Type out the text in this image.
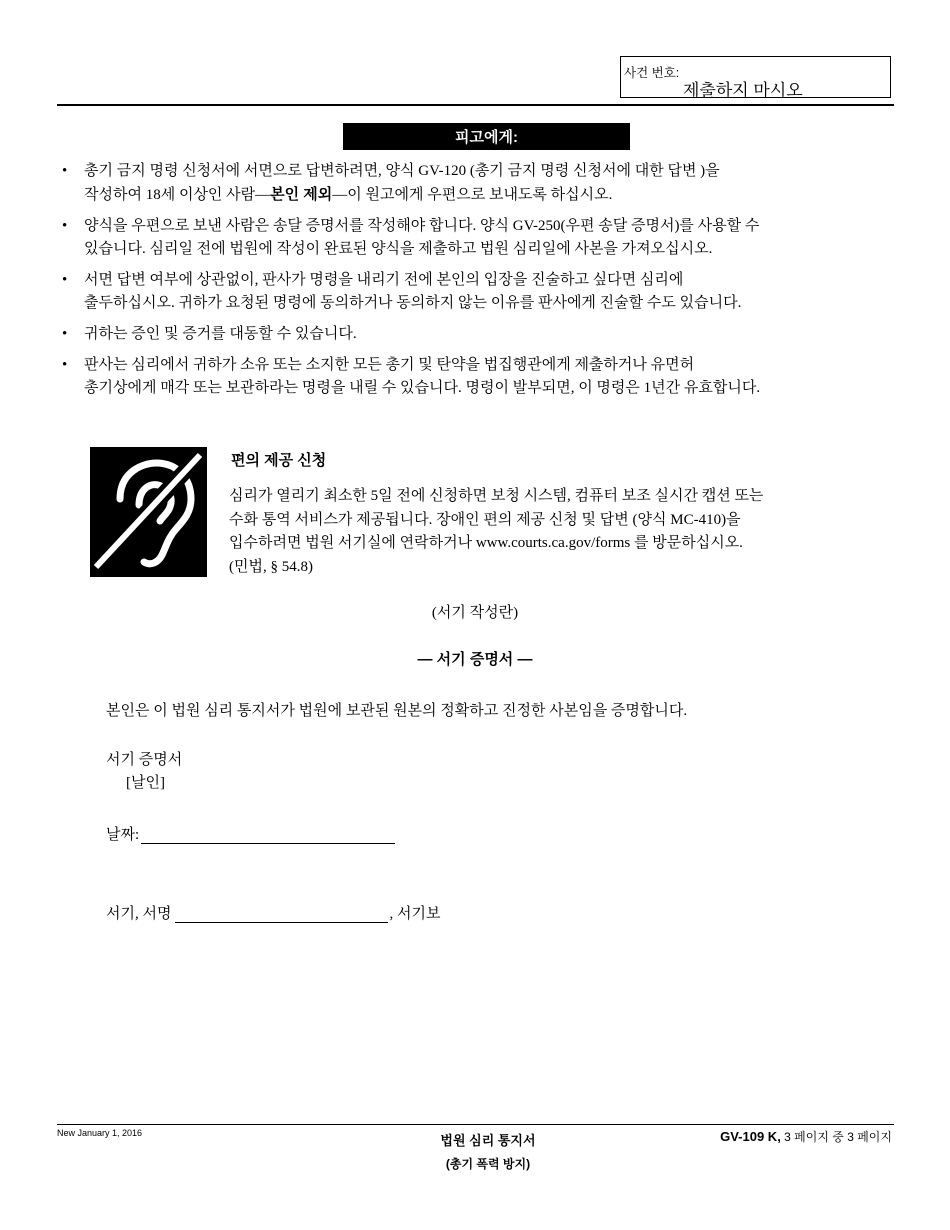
사건 번호:
제출하지 마시오
피고에게:
• 총기 금지 명령 신청서에 서면으로 답변하려면, 양식 GV-120 (총기 금지 명령 신청서에 대한 답변 )을
작성하여 18세 이상인 사람—본인 제외—이 원고에게 우편으로 보내도록 하십시오.
• 양식을 우편으로 보낸 사람은 송달 증명서를 작성해야 합니다. 양식 GV-250(우편 송달 증명서)를 사용할 수
있습니다. 심리일 전에 법원에 작성이 완료된 양식을 제출하고 법원 심리일에 사본을 가져오십시오.
• 서면 답변 여부에 상관없이, 판사가 명령을 내리기 전에 본인의 입장을 진술하고 싶다면 심리에
출두하십시오. 귀하가 요청된 명령에 동의하거나 동의하지 않는 이유를 판사에게 진술할 수도 있습니다.
• 귀하는 증인 및 증거를 대동할 수 있습니다.
• 판사는 심리에서 귀하가 소유 또는 소지한 모든 총기 및 탄약을 법집행관에게 제출하거나 유면허
총기상에게 매각 또는 보관하라는 명령을 내릴 수 있습니다. 명령이 발부되면, 이 명령은 1년간 유효합니다.
편의 제공 신청
심리가 열리기 최소한 5일 전에 신청하면 보청 시스템, 컴퓨터 보조 실시간 캡션 또는
수화 통역 서비스가 제공됩니다. 장애인 편의 제공 신청 및 답변 (양식 MC-410)을
입수하려면 법원 서기실에 연락하거나 www.courts.ca.gov/forms 를 방문하십시오.
(민법, § 54.8)
(서기 작성란)
— 서기 증명서 —
본인은 이 법원 심리 통지서가 법원에 보관된 원본의 정확하고 진정한 사본임을 증명합니다.
서기 증명서
[날인]
날짜:
서기, 서명	, 서기보
New January 1, 2016	법원 심리 통지서
(총기 폭력 방지)
GV-109 K, 3 페이지 중 3 페이지
